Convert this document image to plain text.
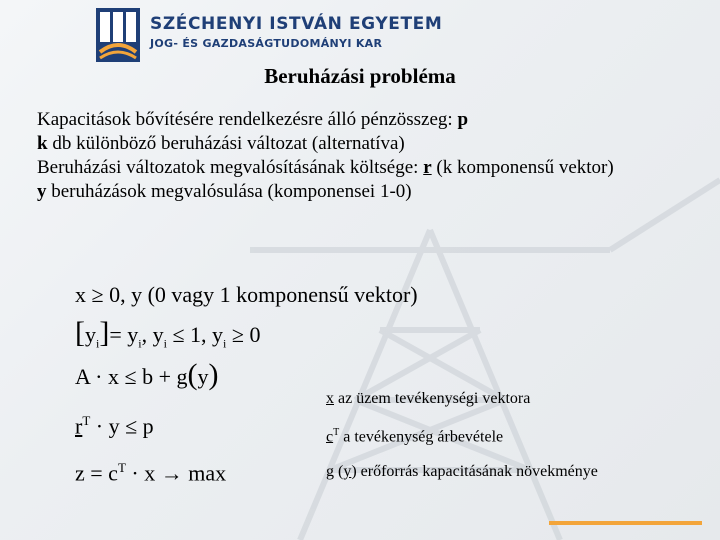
SZÉCHENYI ISTVÁN EGYETEM
JOG- ÉS GAZDASÁGTUDOMÁNYI KAR
Beruházási probléma
Kapacitások bővítésére rendelkezésre álló pénzösszeg: p
k db különböző beruházási változat (alternatíva)
Beruházási változatok megvalósításának költsége: r (k komponensű vektor)
y beruházások megvalósulása (komponensei 1-0)
x ≥ 0, y (0 vagy 1 komponensű vektor)
$[y_i]= y_i$, $y_i \le 1$, $y_i \ge 0$
A · x ≤ b + g(y)
$r^T \cdot y \le p$
$z = c^T \cdot x \to \max$
x az üzem tevékenységi vektora
$c^T$ a tevékenység árbevétele
g (y) erőforrás kapacitásának növekménye
